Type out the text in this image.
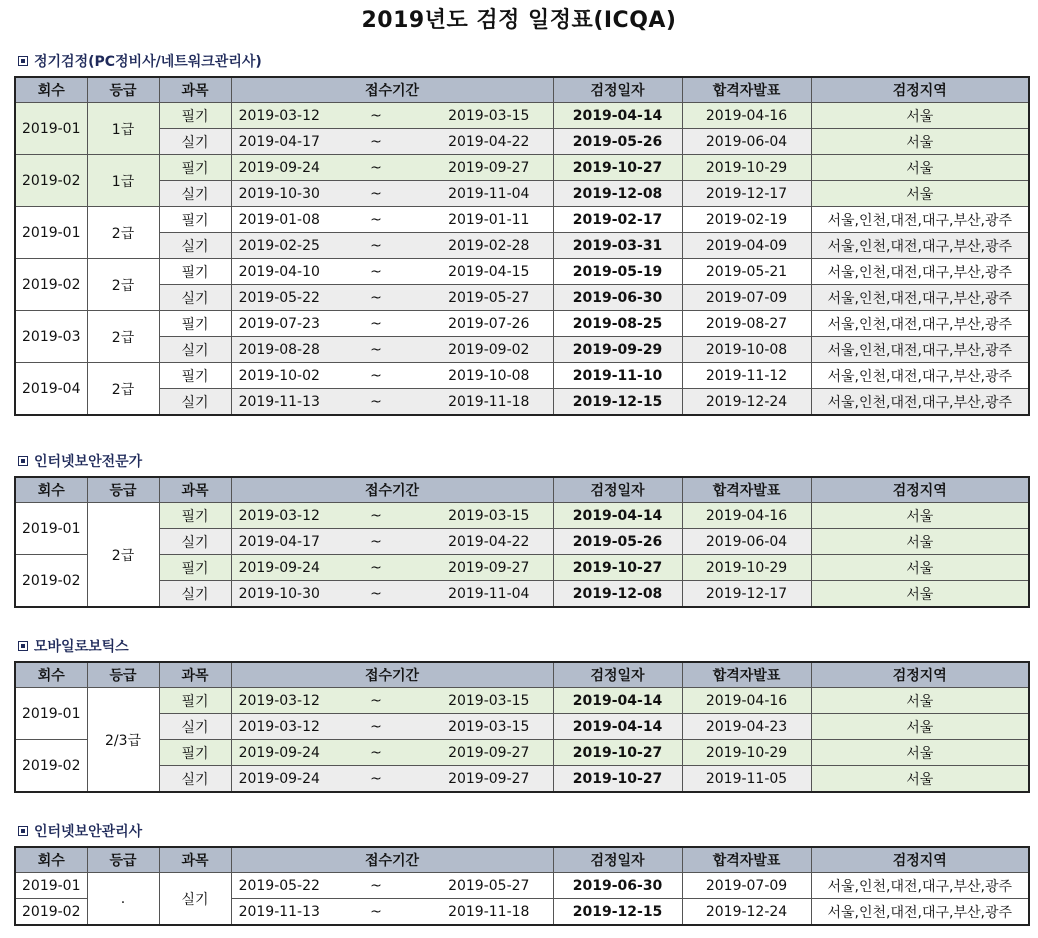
2019년도 검정 일정표(ICQA)
정기검정(PC정비사/네트워크관리사)
회수	등급	과목	접수기간			검정일자	합격자발표	검정지역
2019-01	1급	필기	2019-03-12	~	2019-03-15	2019-04-14	2019-04-16	서울
		실기	2019-04-17	~	2019-04-22	2019-05-26	2019-06-04	서울
2019-02	1급	필기	2019-09-24	~	2019-09-27	2019-10-27	2019-10-29	서울
		실기	2019-10-30	~	2019-11-04	2019-12-08	2019-12-17	서울
2019-01	2급	필기	2019-01-08	~	2019-01-11	2019-02-17	2019-02-19	서울,인천,대전,대구,부산,광주
		실기	2019-02-25	~	2019-02-28	2019-03-31	2019-04-09	서울,인천,대전,대구,부산,광주
2019-02	2급	필기	2019-04-10	~	2019-04-15	2019-05-19	2019-05-21	서울,인천,대전,대구,부산,광주
		실기	2019-05-22	~	2019-05-27	2019-06-30	2019-07-09	서울,인천,대전,대구,부산,광주
2019-03	2급	필기	2019-07-23	~	2019-07-26	2019-08-25	2019-08-27	서울,인천,대전,대구,부산,광주
		실기	2019-08-28	~	2019-09-02	2019-09-29	2019-10-08	서울,인천,대전,대구,부산,광주
2019-04	2급	필기	2019-10-02	~	2019-10-08	2019-11-10	2019-11-12	서울,인천,대전,대구,부산,광주
		실기	2019-11-13	~	2019-11-18	2019-12-15	2019-12-24	서울,인천,대전,대구,부산,광주
인터넷보안전문가
회수	등급	과목	접수기간			검정일자	합격자발표	검정지역
2019-01	2급	필기	2019-03-12	~	2019-03-15	2019-04-14	2019-04-16	서울
		실기	2019-04-17	~	2019-04-22	2019-05-26	2019-06-04	서울
2019-02		필기	2019-09-24	~	2019-09-27	2019-10-27	2019-10-29	서울
		실기	2019-10-30	~	2019-11-04	2019-12-08	2019-12-17	서울
모바일로보틱스
회수	등급	과목	접수기간			검정일자	합격자발표	검정지역
2019-01	2/3급	필기	2019-03-12	~	2019-03-15	2019-04-14	2019-04-16	서울
		실기	2019-03-12	~	2019-03-15	2019-04-14	2019-04-23	서울
2019-02		필기	2019-09-24	~	2019-09-27	2019-10-27	2019-10-29	서울
		실기	2019-09-24	~	2019-09-27	2019-10-27	2019-11-05	서울
인터넷보안관리사
회수	등급	과목	접수기간			검정일자	합격자발표	검정지역
2019-01	.	실기	2019-05-22	~	2019-05-27	2019-06-30	2019-07-09	서울,인천,대전,대구,부산,광주
2019-02			2019-11-13	~	2019-11-18	2019-12-15	2019-12-24	서울,인천,대전,대구,부산,광주
